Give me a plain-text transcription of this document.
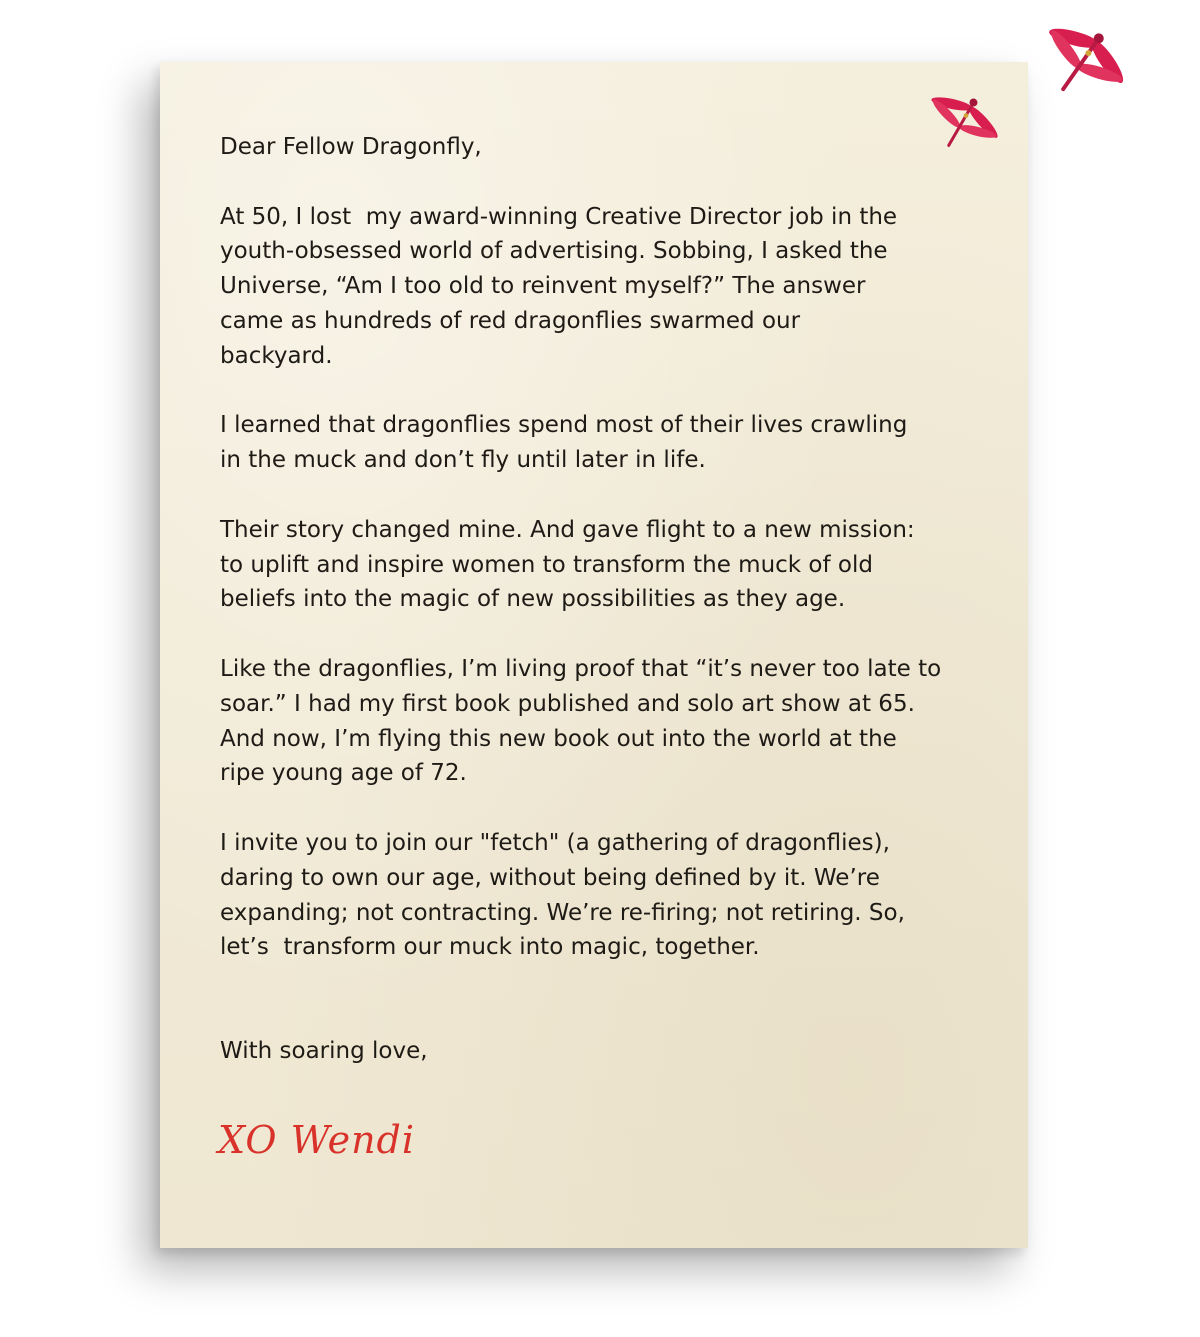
Dear Fellow Dragonfly,

At 50, I lost  my award-winning Creative Director job in the
youth-obsessed world of advertising. Sobbing, I asked the
Universe, “Am I too old to reinvent myself?” The answer
came as hundreds of red dragonflies swarmed our
backyard.

I learned that dragonflies spend most of their lives crawling
in the muck and don’t fly until later in life.

Their story changed mine. And gave flight to a new mission:
to uplift and inspire women to transform the muck of old
beliefs into the magic of new possibilities as they age.

Like the dragonflies, I’m living proof that “it’s never too late to
soar.” I had my first book published and solo art show at 65.
And now, I’m flying this new book out into the world at the
ripe young age of 72.

I invite you to join our "fetch" (a gathering of dragonflies),
daring to own our age, without being defined by it. We’re
expanding; not contracting. We’re re-firing; not retiring. So,
let’s  transform our muck into magic, together.

With soaring love,
XO Wendi
